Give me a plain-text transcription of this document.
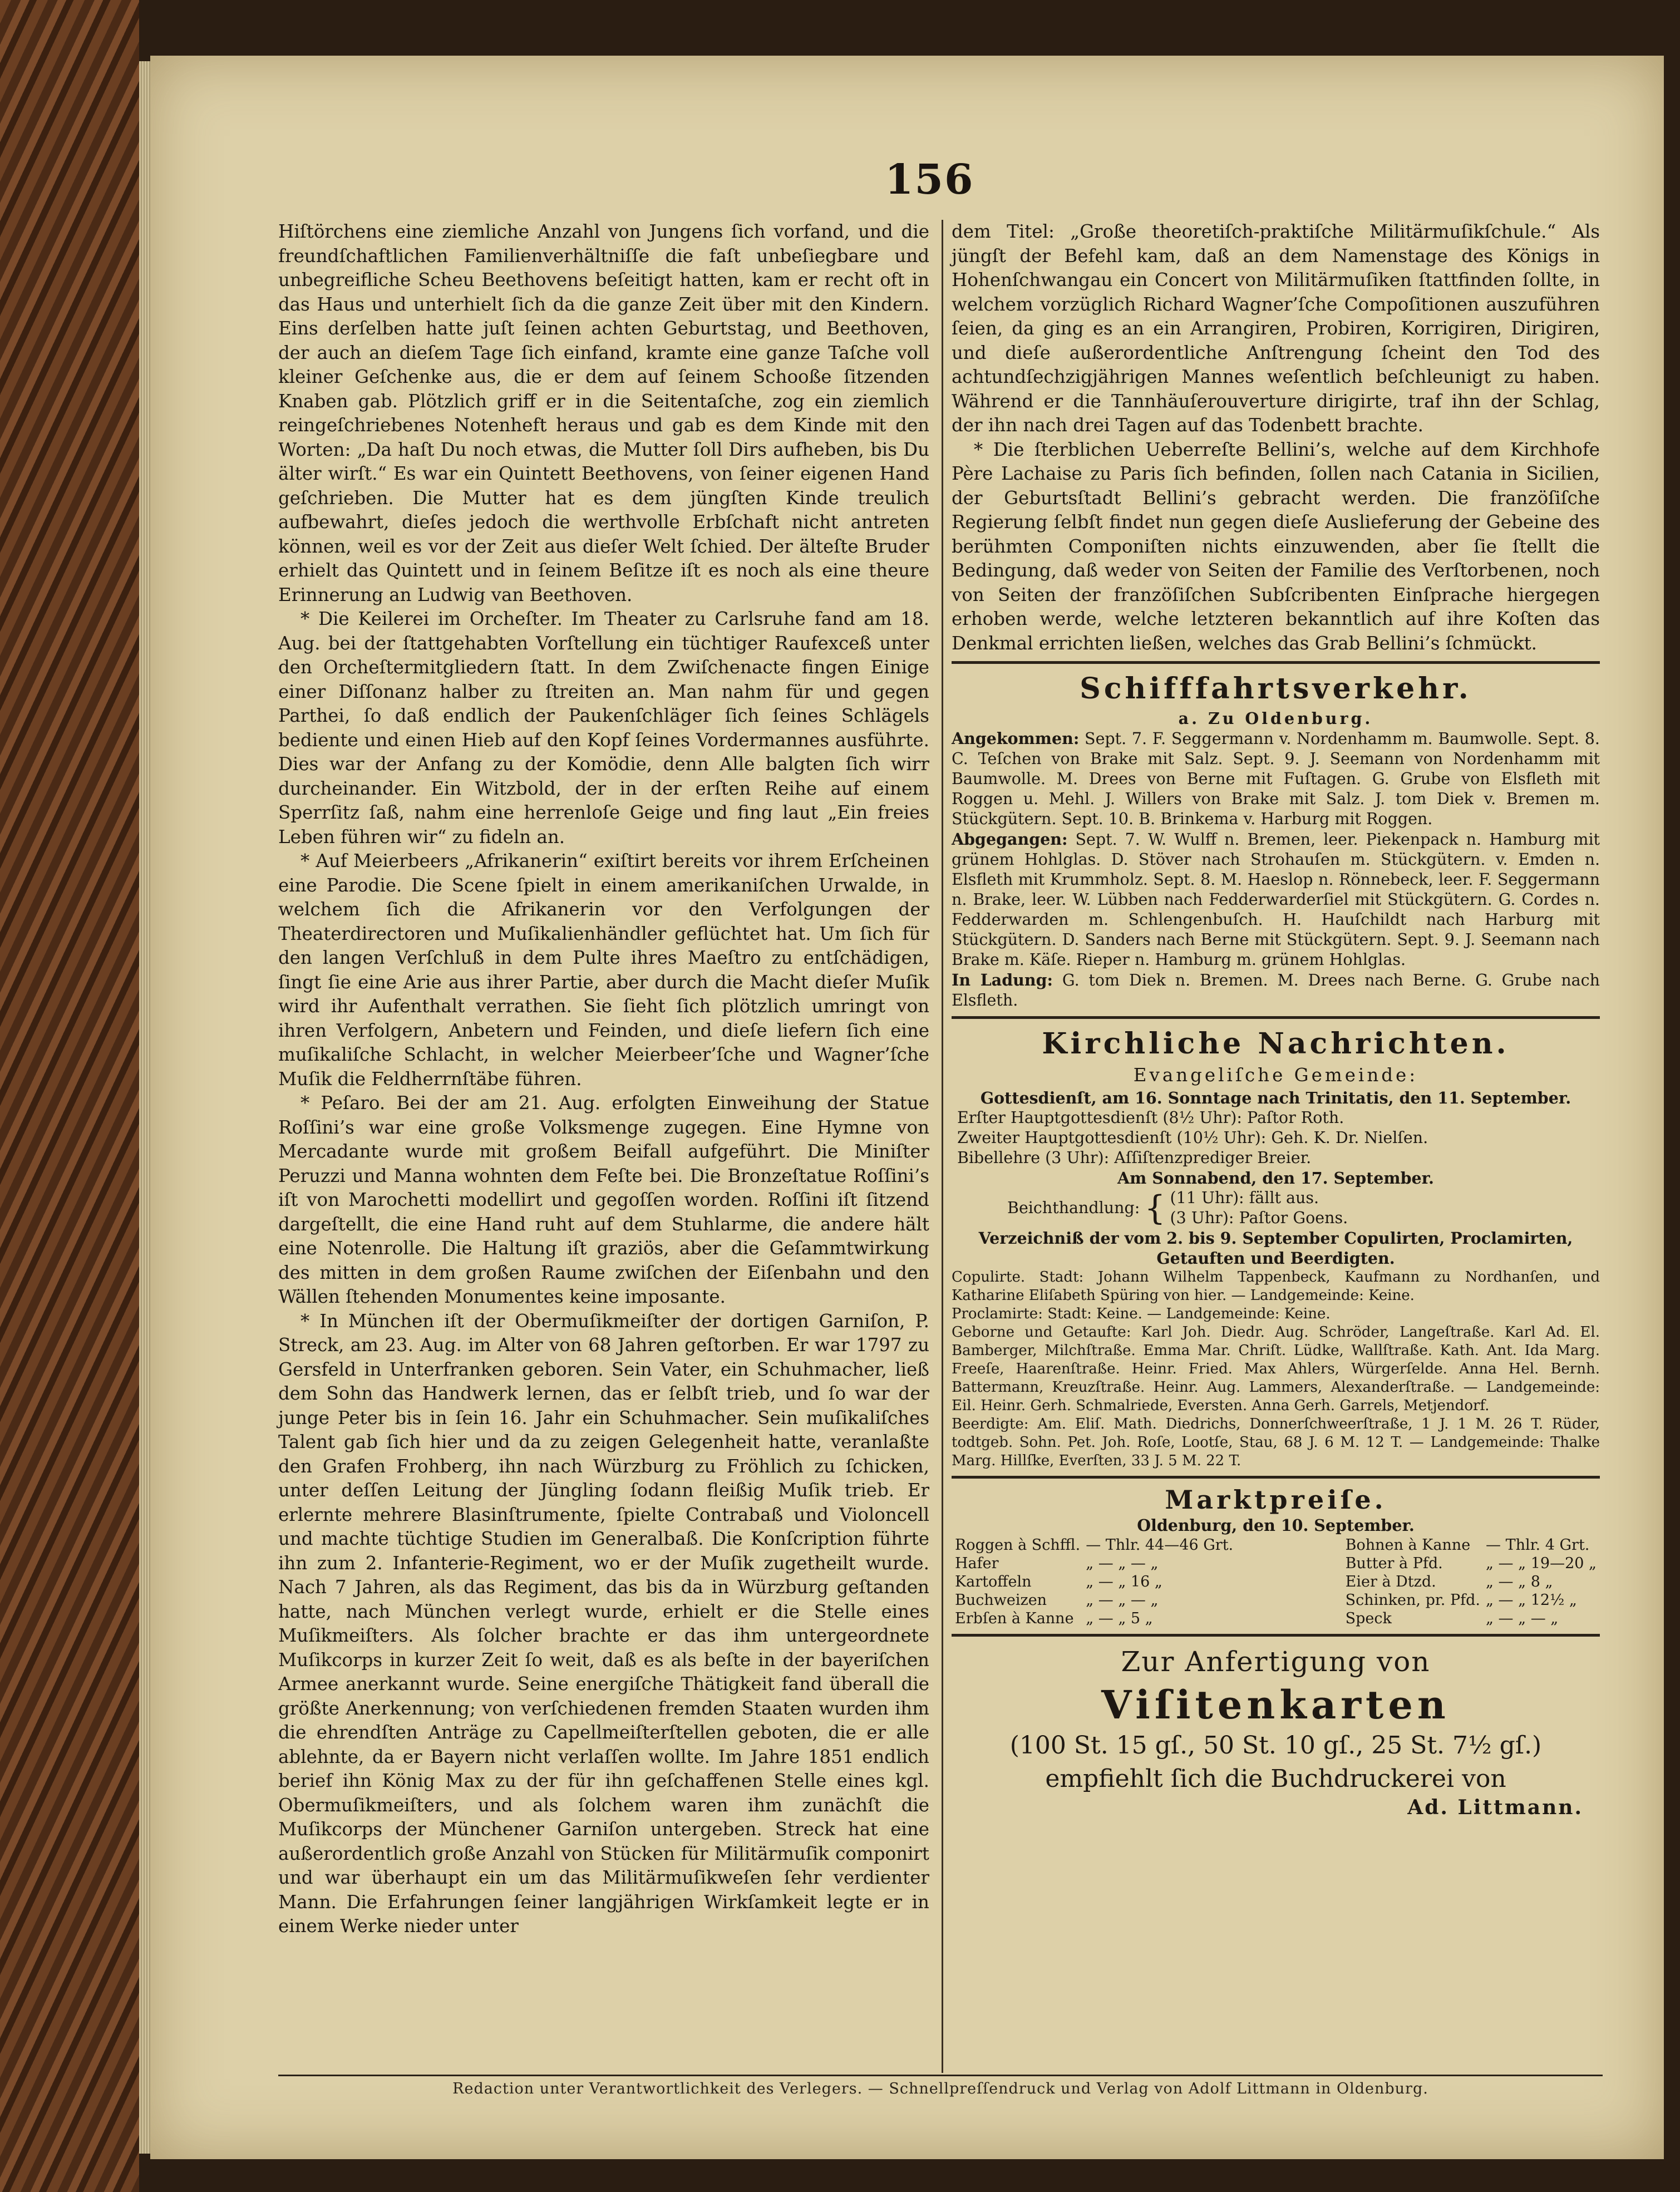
156

Hiſtörchens eine ziemliche Anzahl von Jungens ſich vorfand, und die freundſchaftlichen Familienverhältniſſe die faſt unbeſiegbare und unbegreifliche Scheu Beethovens beſeitigt hatten, kam er recht oft in das Haus und unterhielt ſich da die ganze Zeit über mit den Kindern. Eins derſelben hatte juſt ſeinen achten Geburtstag, und Beethoven, der auch an dieſem Tage ſich einfand, kramte eine ganze Taſche voll kleiner Geſchenke aus, die er dem auf ſeinem Schooße ſitzenden Knaben gab. Plötzlich griff er in die Seitentaſche, zog ein ziemlich reingeſchriebenes Notenheft heraus und gab es dem Kinde mit den Worten: „Da haſt Du noch etwas, die Mutter ſoll Dirs aufheben, bis Du älter wirſt.“ Es war ein Quintett Beethovens, von ſeiner eigenen Hand geſchrieben. Die Mutter hat es dem jüngſten Kinde treulich aufbewahrt, dieſes jedoch die werthvolle Erbſchaft nicht antreten können, weil es vor der Zeit aus dieſer Welt ſchied. Der älteſte Bruder erhielt das Quintett und in ſeinem Beſitze iſt es noch als eine theure Erinnerung an Ludwig van Beethoven.

* Die Keilerei im Orcheſter. Im Theater zu Carlsruhe fand am 18. Aug. bei der ſtattgehabten Vorſtellung ein tüchtiger Raufexceß unter den Orcheſtermitgliedern ſtatt. In dem Zwiſchenacte fingen Einige einer Diſſonanz halber zu ſtreiten an. Man nahm für und gegen Parthei, ſo daß endlich der Paukenſchläger ſich ſeines Schlägels bediente und einen Hieb auf den Kopf ſeines Vordermannes ausführte. Dies war der Anfang zu der Komödie, denn Alle balgten ſich wirr durcheinander. Ein Witzbold, der in der erſten Reihe auf einem Sperrſitz ſaß, nahm eine herrenloſe Geige und fing laut „Ein freies Leben führen wir“ zu fideln an.

* Auf Meierbeers „Afrikanerin“ exiſtirt bereits vor ihrem Erſcheinen eine Parodie. Die Scene ſpielt in einem amerikaniſchen Urwalde, in welchem ſich die Afrikanerin vor den Verfolgungen der Theaterdirectoren und Muſikalienhändler geflüchtet hat. Um ſich für den langen Verſchluß in dem Pulte ihres Maeſtro zu entſchädigen, ſingt ſie eine Arie aus ihrer Partie, aber durch die Macht dieſer Muſik wird ihr Aufenthalt verrathen. Sie ſieht ſich plötzlich umringt von ihren Verfolgern, Anbetern und Feinden, und dieſe liefern ſich eine muſikaliſche Schlacht, in welcher Meierbeer’ſche und Wagner’ſche Muſik die Feldherrnſtäbe führen.

* Peſaro. Bei der am 21. Aug. erfolgten Einweihung der Statue Roſſini’s war eine große Volksmenge zugegen. Eine Hymne von Mercadante wurde mit großem Beifall aufgeführt. Die Miniſter Peruzzi und Manna wohnten dem Feſte bei. Die Bronzeſtatue Roſſini’s iſt von Marochetti modellirt und gegoſſen worden. Roſſini iſt ſitzend dargeſtellt, die eine Hand ruht auf dem Stuhlarme, die andere hält eine Notenrolle. Die Haltung iſt graziös, aber die Geſammtwirkung des mitten in dem großen Raume zwiſchen der Eiſenbahn und den Wällen ſtehenden Monumentes keine imposante.

* In München iſt der Obermuſikmeiſter der dortigen Garniſon, P. Streck, am 23. Aug. im Alter von 68 Jahren geſtorben. Er war 1797 zu Gersfeld in Unterfranken geboren. Sein Vater, ein Schuhmacher, ließ dem Sohn das Handwerk lernen, das er ſelbſt trieb, und ſo war der junge Peter bis in ſein 16. Jahr ein Schuhmacher. Sein muſikaliſches Talent gab ſich hier und da zu zeigen Gelegenheit hatte, veranlaßte den Grafen Frohberg, ihn nach Würzburg zu Fröhlich zu ſchicken, unter deſſen Leitung der Jüngling ſodann fleißig Muſik trieb. Er erlernte mehrere Blasinſtrumente, ſpielte Contrabaß und Violoncell und machte tüchtige Studien im Generalbaß. Die Konſcription führte ihn zum 2. Infanterie-Regiment, wo er der Muſik zugetheilt wurde. Nach 7 Jahren, als das Regiment, das bis da in Würzburg geſtanden hatte, nach München verlegt wurde, erhielt er die Stelle eines Muſikmeiſters. Als ſolcher brachte er das ihm untergeordnete Muſikcorps in kurzer Zeit ſo weit, daß es als beſte in der bayeriſchen Armee anerkannt wurde. Seine energiſche Thätigkeit fand überall die größte Anerkennung; von verſchiedenen fremden Staaten wurden ihm die ehrendſten Anträge zu Capellmeiſterſtellen geboten, die er alle ablehnte, da er Bayern nicht verlaſſen wollte. Im Jahre 1851 endlich berief ihn König Max zu der für ihn geſchaffenen Stelle eines kgl. Obermuſikmeiſters, und als ſolchem waren ihm zunächſt die Muſikcorps der Münchener Garniſon untergeben. Streck hat eine außerordentlich große Anzahl von Stücken für Militärmuſik componirt und war überhaupt ein um das Militärmuſikweſen ſehr verdienter Mann. Die Erfahrungen ſeiner langjährigen Wirkſamkeit legte er in einem Werke nieder unter

dem Titel: „Große theoretiſch-praktiſche Militärmuſikſchule.“ Als jüngſt der Befehl kam, daß an dem Namenstage des Königs in Hohenſchwangau ein Concert von Militärmuſiken ſtattfinden ſollte, in welchem vorzüglich Richard Wagner’ſche Compoſitionen auszuführen ſeien, da ging es an ein Arrangiren, Probiren, Korrigiren, Dirigiren, und dieſe außerordentliche Anſtrengung ſcheint den Tod des achtundſechzigjährigen Mannes weſentlich beſchleunigt zu haben. Während er die Tannhäuſerouverture dirigirte, traf ihn der Schlag, der ihn nach drei Tagen auf das Todenbett brachte.

* Die ſterblichen Ueberreſte Bellini’s, welche auf dem Kirchhofe Père Lachaise zu Paris ſich befinden, ſollen nach Catania in Sicilien, der Geburtsſtadt Bellini’s gebracht werden. Die franzöſiſche Regierung ſelbſt findet nun gegen dieſe Auslieferung der Gebeine des berühmten Componiſten nichts einzuwenden, aber ſie ſtellt die Bedingung, daß weder von Seiten der Familie des Verſtorbenen, noch von Seiten der franzöſiſchen Subſcribenten Einſprache hiergegen erhoben werde, welche letzteren bekanntlich auf ihre Koſten das Denkmal errichten ließen, welches das Grab Bellini’s ſchmückt.

Schifffahrtsverkehr.
a. Zu Oldenburg.
Angekommen: Sept. 7. F. Seggermann v. Nordenhamm m. Baumwolle. Sept. 8. C. Teſchen von Brake mit Salz. Sept. 9. J. Seemann von Nordenhamm mit Baumwolle. M. Drees von Berne mit Fuſtagen. G. Grube von Elsfleth mit Roggen u. Mehl. J. Willers von Brake mit Salz. J. tom Diek v. Bremen m. Stückgütern. Sept. 10. B. Brinkema v. Harburg mit Roggen.
Abgegangen: Sept. 7. W. Wulff n. Bremen, leer. Piekenpack n. Hamburg mit grünem Hohlglas. D. Stöver nach Strohauſen m. Stückgütern. v. Emden n. Elsfleth mit Krummholz. Sept. 8. M. Haeslop n. Rönnebeck, leer. F. Seggermann n. Brake, leer. W. Lübben nach Fedderwarderſiel mit Stückgütern. G. Cordes n. Fedderwarden m. Schlengenbuſch. H. Hauſchildt nach Harburg mit Stückgütern. D. Sanders nach Berne mit Stückgütern. Sept. 9. J. Seemann nach Brake m. Käſe. Rieper n. Hamburg m. grünem Hohlglas.
In Ladung: G. tom Diek n. Bremen. M. Drees nach Berne. G. Grube nach Elsfleth.
Kirchliche Nachrichten.
Evangeliſche Gemeinde:
Gottesdienſt, am 16. Sonntage nach Trinitatis, den 11. September.
Erſter Hauptgottesdienſt (8½ Uhr): Paſtor Roth.
Zweiter Hauptgottesdienſt (10½ Uhr): Geh. K. Dr. Nielſen.
Bibellehre (3 Uhr): Aſſiſtenzprediger Breier.
Am Sonnabend, den 17. September.
Beichthandlung: { (11 Uhr): fällt aus.
(3 Uhr): Paſtor Goens.
Verzeichniß der vom 2. bis 9. September Copulirten, Proclamirten, Getauften und Beerdigten.
Copulirte. Stadt: Johann Wilhelm Tappenbeck, Kaufmann zu Nordhanſen, und Katharine Eliſabeth Spüring von hier. — Landgemeinde: Keine.
Proclamirte: Stadt: Keine. — Landgemeinde: Keine.
Geborne und Getaufte: Karl Joh. Diedr. Aug. Schröder, Langeſtraße. Karl Ad. El. Bamberger, Milchſtraße. Emma Mar. Chriſt. Lüdke, Wallſtraße. Kath. Ant. Ida Marg. Freeſe, Haarenſtraße. Heinr. Fried. Max Ahlers, Würgerſelde. Anna Hel. Bernh. Battermann, Kreuzſtraße. Heinr. Aug. Lammers, Alexanderſtraße. — Landgemeinde: Eil. Heinr. Gerh. Schmalriede, Eversten. Anna Gerh. Garrels, Metjendorf.
Beerdigte: Am. Eliſ. Math. Diedrichs, Donnerſchweerſtraße, 1 J. 1 M. 26 T. Rüder, todtgeb. Sohn. Pet. Joh. Roſe, Lootſe, Stau, 68 J. 6 M. 12 T. — Landgemeinde: Thalke Marg. Hillſke, Everſten, 33 J. 5 M. 22 T.
Marktpreiſe.
Oldenburg, den 10. September.
Roggen à Schffl.	— Thlr. 44—46 Grt.
Hafer	„ — „ — „
Kartoffeln	„ — „ 16 „
Buchweizen	„ — „ — „
Erbſen à Kanne	„ — „ 5 „
Bohnen à Kanne	— Thlr. 4 Grt.
Butter à Pfd.	„ — „ 19—20 „
Eier à Dtzd.	„ — „ 8 „
Schinken, pr. Pfd.	„ — „ 12½ „
Speck	„ — „ — „
Zur Anfertigung von
Viſitenkarten
(100 St. 15 gſ., 50 St. 10 gſ., 25 St. 7½ gſ.)
empfiehlt ſich die Buchdruckerei von
Ad. Littmann.
Redaction unter Verantwortlichkeit des Verlegers. — Schnellpreſſendruck und Verlag von Adolf Littmann in Oldenburg.
